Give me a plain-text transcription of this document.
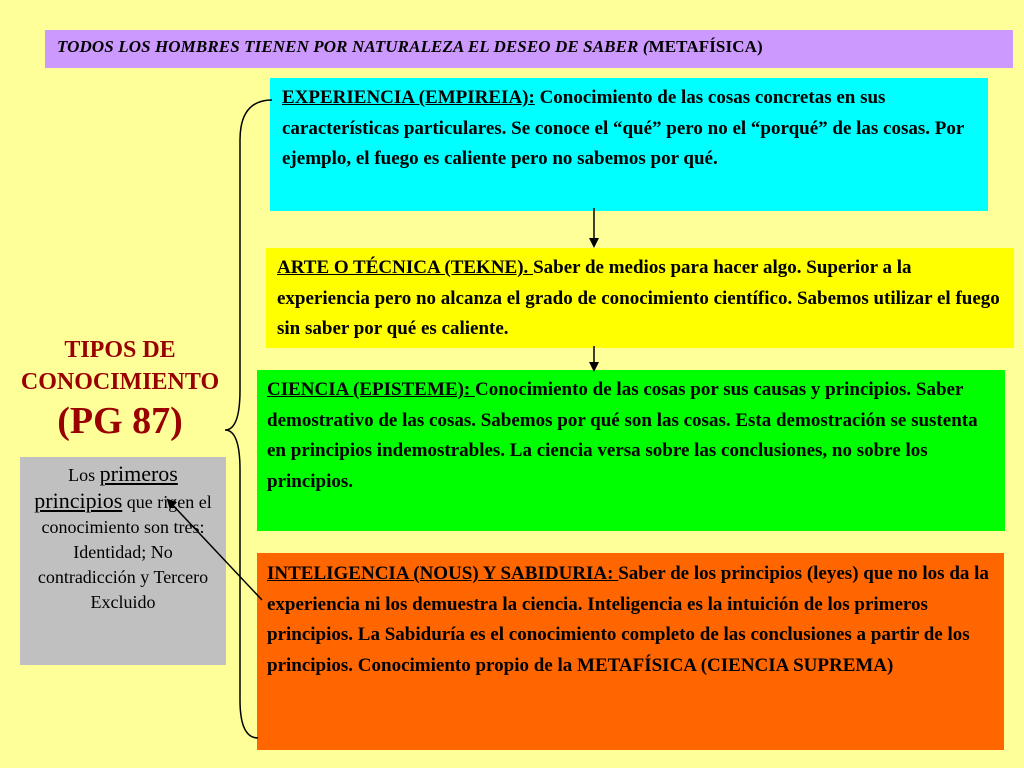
TODOS LOS HOMBRES TIENEN POR NATURALEZA EL DESEO DE SABER (METAFÍSICA)
EXPERIENCIA (EMPIREIA): Conocimiento de las cosas concretas en sus características particulares. Se conoce el “qué” pero no el “porqué” de las cosas. Por ejemplo, el fuego es caliente pero no sabemos por qué.
ARTE O TÉCNICA (TEKNE). Saber de medios para hacer algo. Superior a la experiencia pero no alcanza el grado de conocimiento científico. Sabemos utilizar el fuego sin saber por qué es caliente.
CIENCIA (EPISTEME): Conocimiento de las cosas por sus causas y principios. Saber demostrativo de las cosas. Sabemos por qué son las cosas. Esta demostración se sustenta en principios indemostrables. La ciencia versa sobre las conclusiones, no sobre los principios.
INTELIGENCIA (NOUS) Y SABIDURIA: Saber de los principios (leyes) que no los da la experiencia ni los demuestra la ciencia. Inteligencia es la intuición de los primeros principios. La Sabiduría es el conocimiento completo de las conclusiones a partir de los principios. Conocimiento propio de la METAFÍSICA (CIENCIA SUPREMA)
TIPOS DE
CONOCIMIENTO
(PG 87)
Los primeros
principios que rigen el conocimiento son tres: Identidad; No contradicción y Tercero Excluido
